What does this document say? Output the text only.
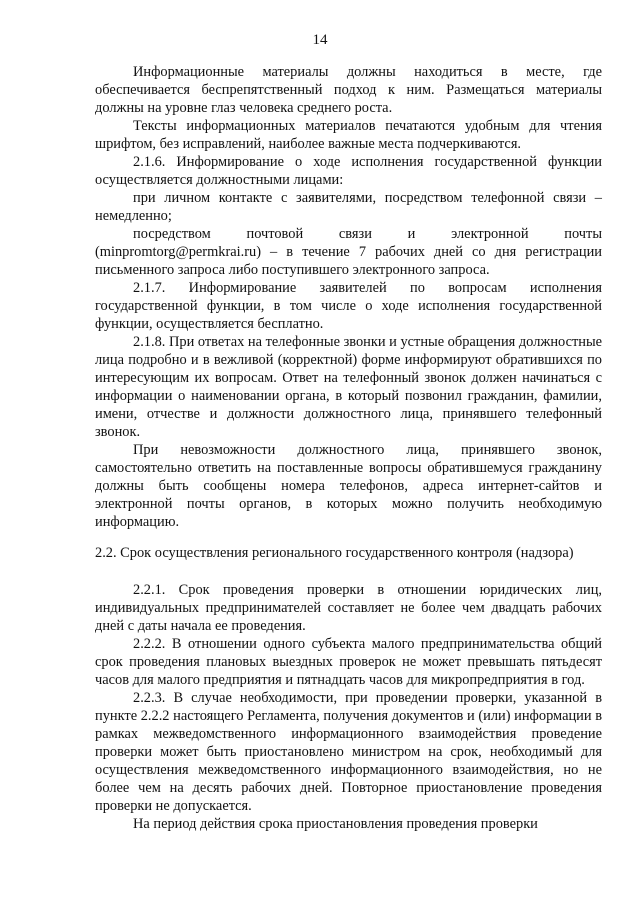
14

Информационные материалы должны находиться в месте, где обеспечивается беспрепятственный подход к ним. Размещаться материалы должны на уровне глаз человека среднего роста.

Тексты информационных материалов печатаются удобным для чтения шрифтом, без исправлений, наиболее важные места подчеркиваются.

2.1.6. Информирование о ходе исполнения государственной функции осуществляется должностными лицами:

при личном контакте с заявителями, посредством телефонной связи – немедленно;

посредством почтовой связи и электронной почты (minpromtorg@permkrai.ru) – в течение 7 рабочих дней со дня регистрации письменного запроса либо поступившего электронного запроса.

2.1.7. Информирование заявителей по вопросам исполнения государственной функции, в том числе о ходе исполнения государственной функции, осуществляется бесплатно.

2.1.8. При ответах на телефонные звонки и устные обращения должностные лица подробно и в вежливой (корректной) форме информируют обратившихся по интересующим их вопросам. Ответ на телефонный звонок должен начинаться с информации о наименовании органа, в который позвонил гражданин, фамилии, имени, отчестве и должности должностного лица, принявшего телефонный звонок.

При невозможности должностного лица, принявшего звонок, самостоятельно ответить на поставленные вопросы обратившемуся гражданину должны быть сообщены номера телефонов, адреса интернет-сайтов и электронной почты органов, в которых можно получить необходимую информацию.

2.2. Срок осуществления регионального государственного контроля (надзора)

2.2.1. Срок проведения проверки в отношении юридических лиц, индивидуальных предпринимателей составляет не более чем двадцать рабочих дней с даты начала ее проведения.

2.2.2. В отношении одного субъекта малого предпринимательства общий срок проведения плановых выездных проверок не может превышать пятьдесят часов для малого предприятия и пятнадцать часов для микропредприятия в год.

2.2.3. В случае необходимости, при проведении проверки, указанной в пункте 2.2.2 настоящего Регламента, получения документов и (или) информации в рамках межведомственного информационного взаимодействия проведение проверки может быть приостановлено министром на срок, необходимый для осуществления межведомственного информационного взаимодействия, но не более чем на десять рабочих дней. Повторное приостановление проведения проверки не допускается.

На период действия срока приостановления проведения проверки
